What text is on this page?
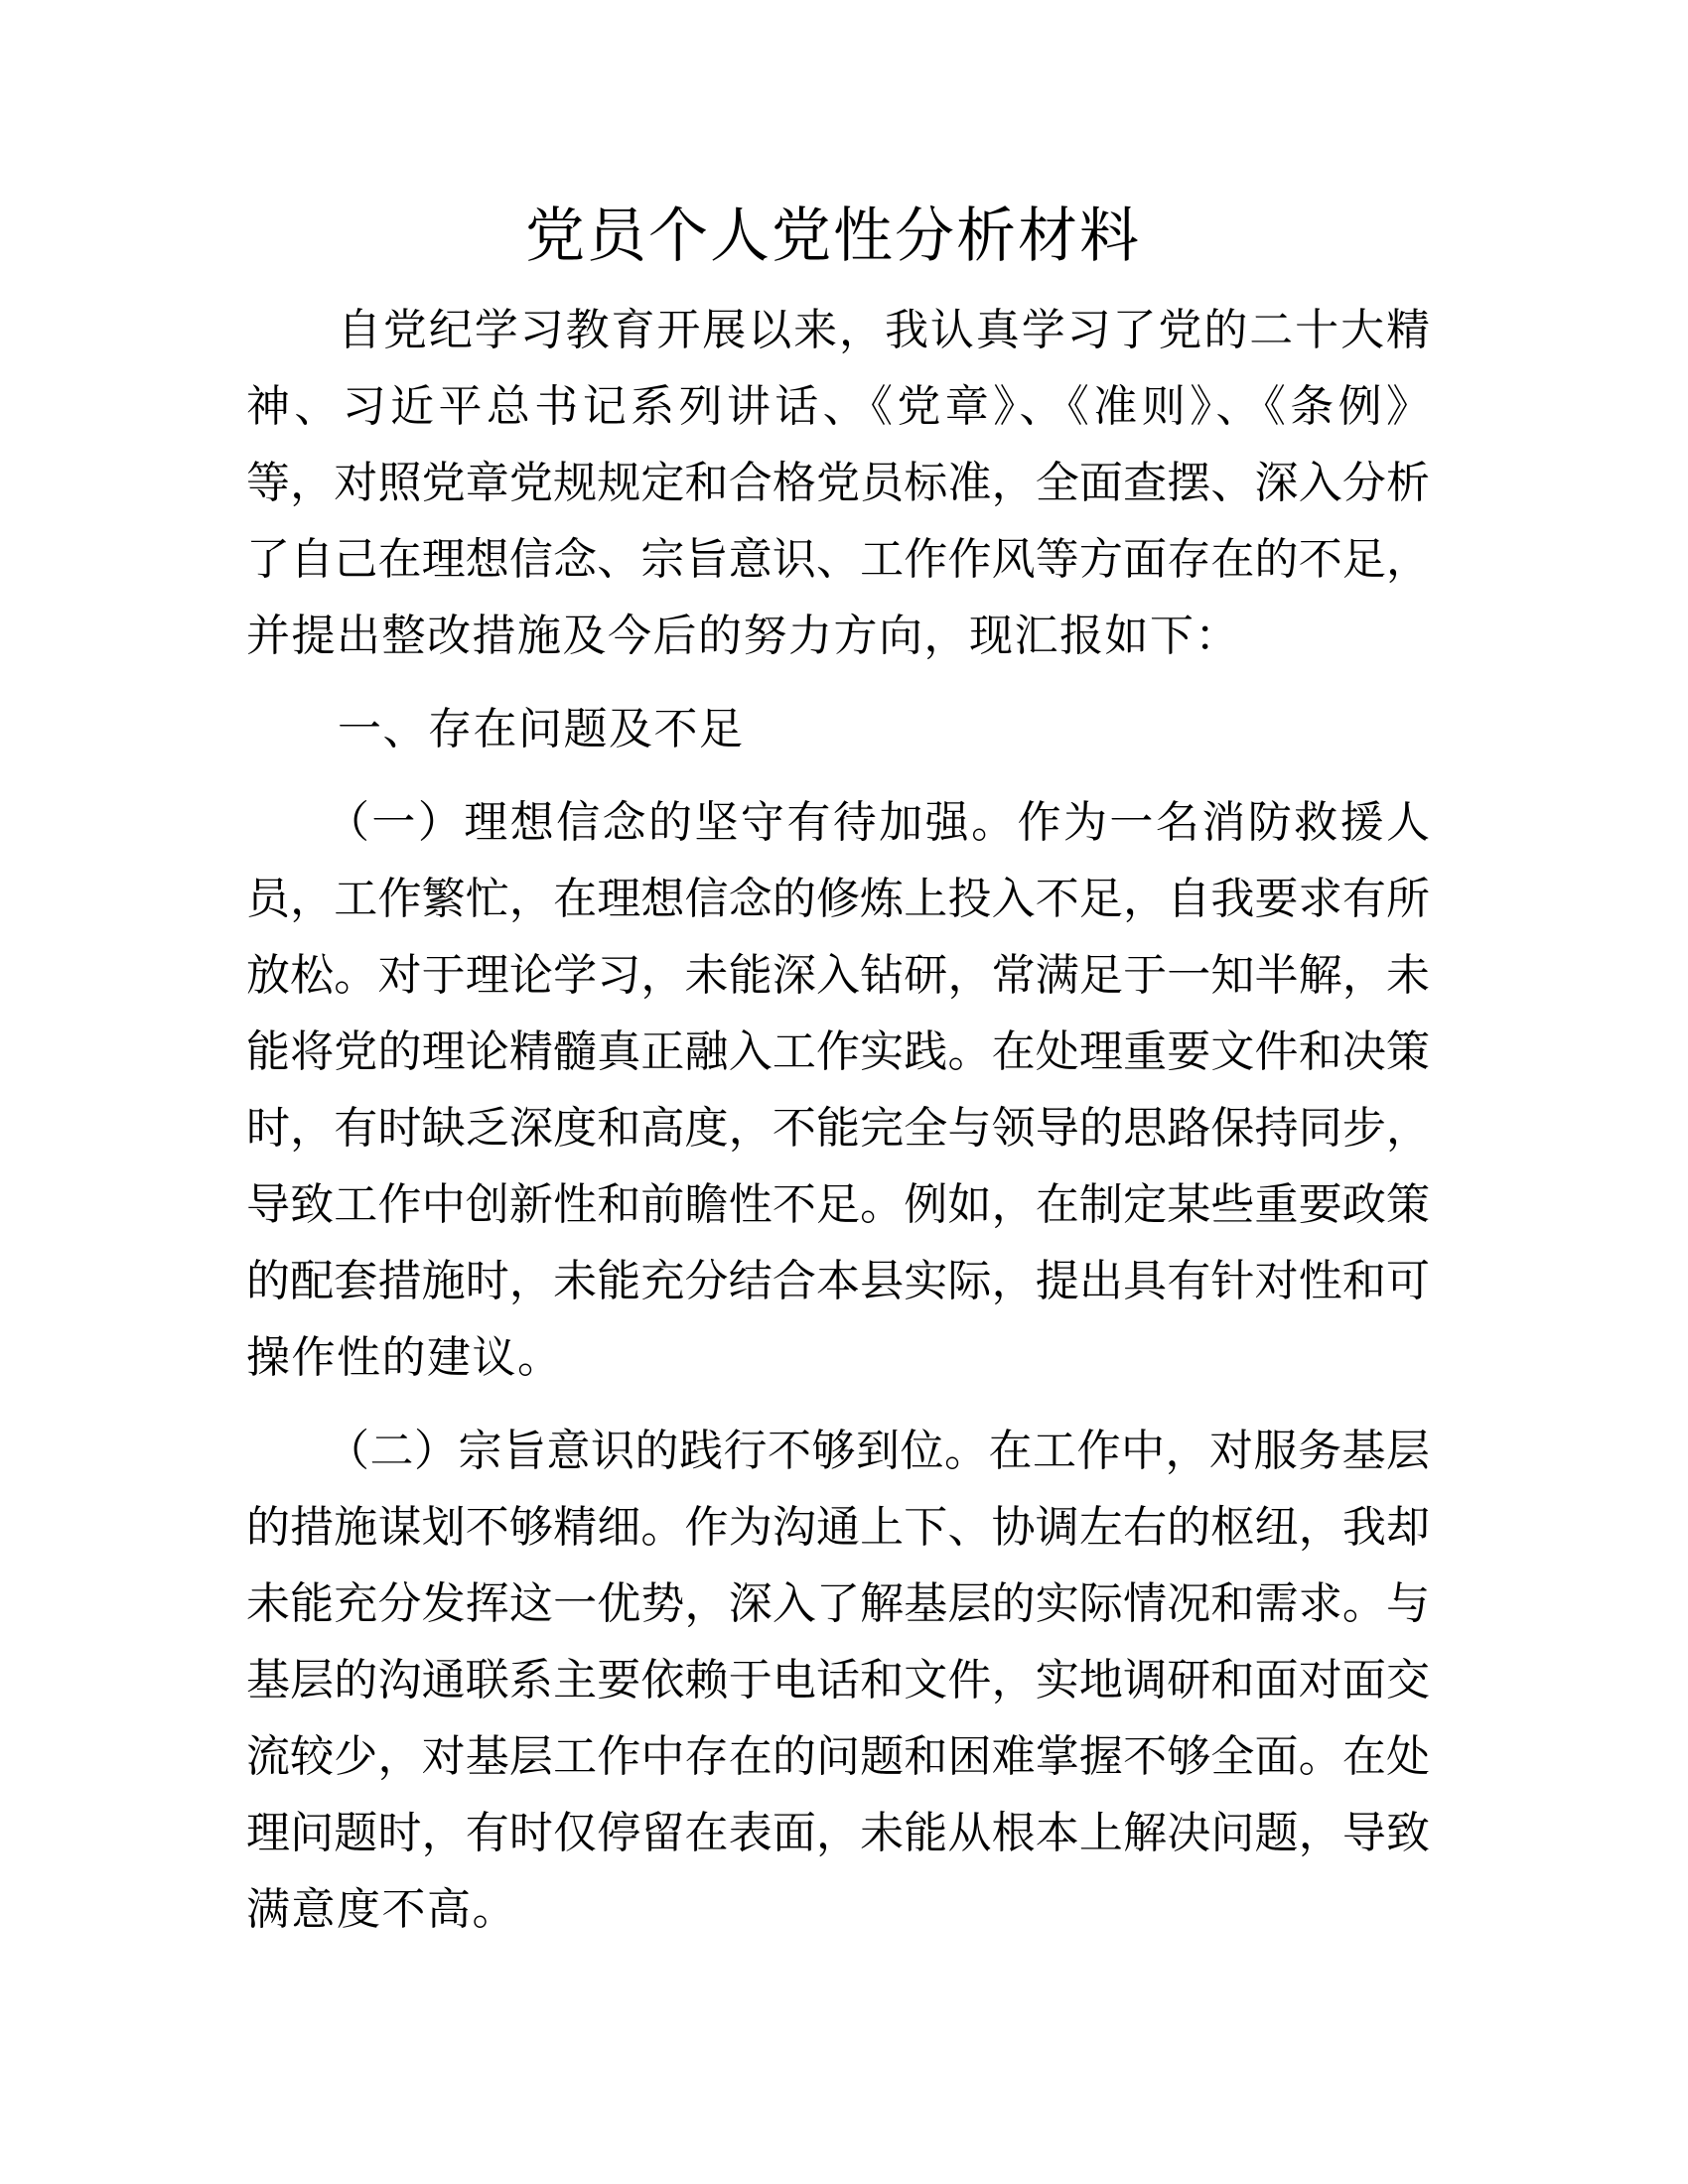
党员个人党性分析材料
自党纪学习教育开展以来，我认真学习了党的二十大精
神、习近平总书记系列讲话、《党章》、《准则》、《条例》
等，对照党章党规规定和合格党员标准，全面查摆、深入分析
了自己在理想信念、宗旨意识、工作作风等方面存在的不足，
并提出整改措施及今后的努力方向，现汇报如下：
一、存在问题及不足
（一）理想信念的坚守有待加强。作为一名消防救援人
员，工作繁忙，在理想信念的修炼上投入不足，自我要求有所
放松。对于理论学习，未能深入钻研，常满足于一知半解，未
能将党的理论精髓真正融入工作实践。在处理重要文件和决策
时，有时缺乏深度和高度，不能完全与领导的思路保持同步，
导致工作中创新性和前瞻性不足。例如，在制定某些重要政策
的配套措施时，未能充分结合本县实际，提出具有针对性和可
操作性的建议。
（二）宗旨意识的践行不够到位。在工作中，对服务基层
的措施谋划不够精细。作为沟通上下、协调左右的枢纽，我却
未能充分发挥这一优势，深入了解基层的实际情况和需求。与
基层的沟通联系主要依赖于电话和文件，实地调研和面对面交
流较少，对基层工作中存在的问题和困难掌握不够全面。在处
理问题时，有时仅停留在表面，未能从根本上解决问题，导致
满意度不高。
